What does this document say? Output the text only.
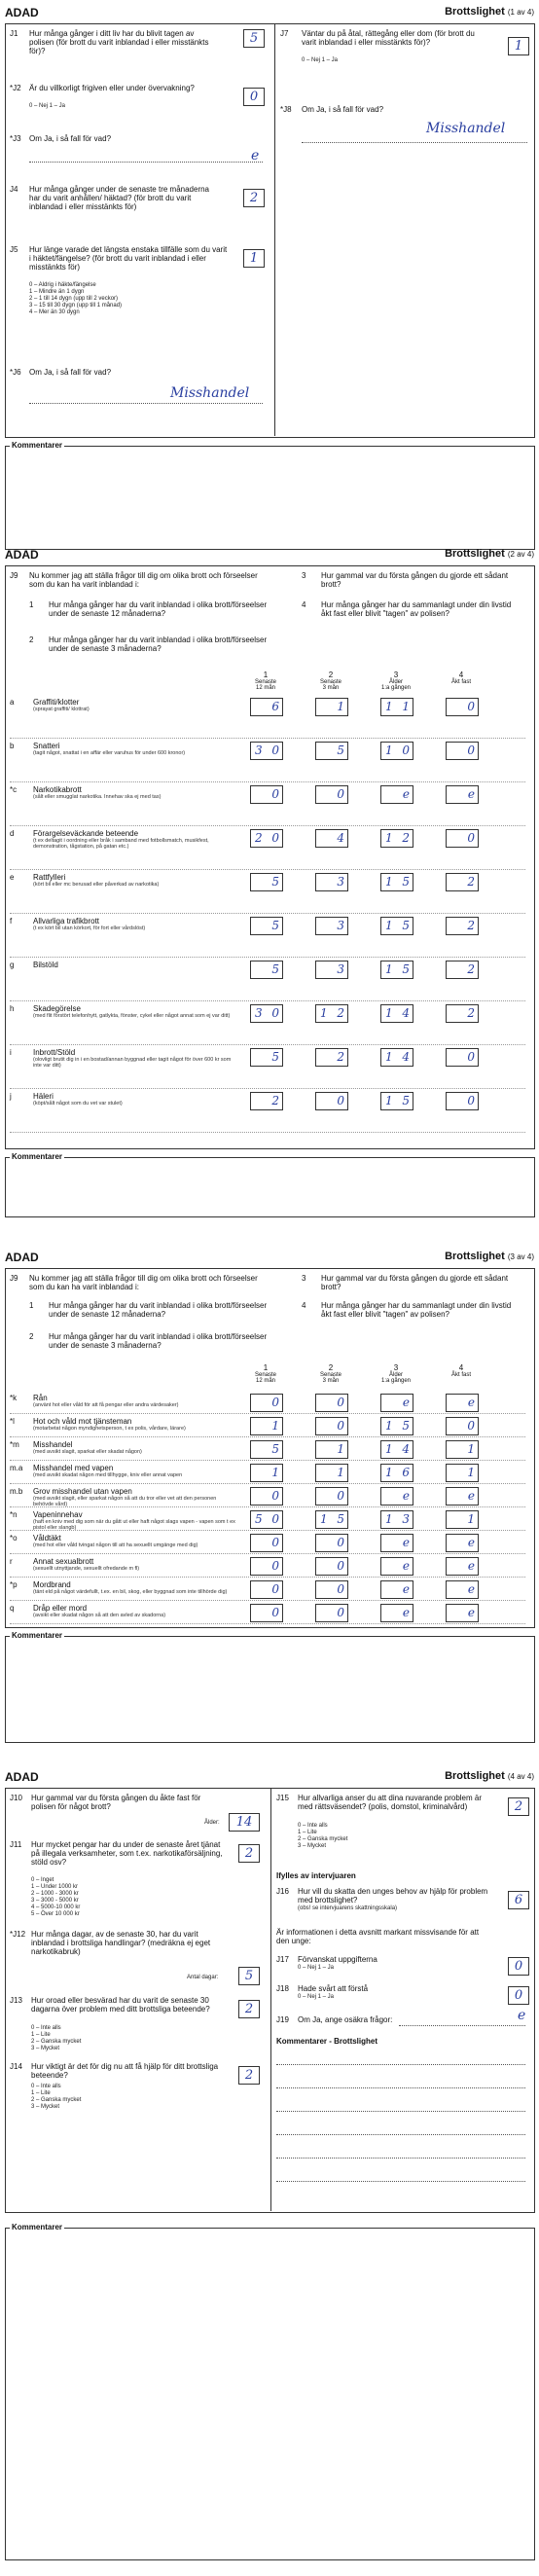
ADAD	Brottslighet (1 av 4)
J1 Hur många gånger i ditt liv har du blivit tagen av polisen (för brott du varit inblandad i eller misstänkts för)?
5
*J2 Är du villkorligt frigiven eller under övervakning?
0 – Nej 1 – Ja
0
*J3 Om Ja, i så fall för vad?
e
J4 Hur många gånger under de senaste tre månaderna har du varit anhållen/ häktad? (för brott du varit inblandad i eller misstänkts för)
2
J5 Hur länge varade det längsta enstaka tillfälle som du varit i häktet/fängelse? (för brott du varit inblandad i eller misstänkts för)
1
0 – Aldrig i häkte/fängelse
1 – Mindre än 1 dygn
2 – 1 till 14 dygn (upp till 2 veckor)
3 – 15 till 30 dygn (upp till 1 månad)
4 – Mer än 30 dygn
*J6 Om Ja, i så fall för vad?
Misshandel
J7 Väntar du på åtal, rättegång eller dom (för brott du varit inblandad i eller misstänkts för)?
0 – Nej 1 – Ja
1
*J8 Om Ja, i så fall för vad?
Misshandel
Kommentarer
ADAD	Brottslighet (2 av 4)
J9 Nu kommer jag att ställa frågor till dig om olika brott och förseelser som du kan ha varit inblandad i:
1 Hur många gånger har du varit inblandad i olika brott/förseelser under de senaste 12 månaderna?
2 Hur många gånger har du varit inblandad i olika brott/förseelser under de senaste 3 månaderna?
3 Hur gammal var du första gången du gjorde ett sådant brott?
4 Hur många gånger har du sammanlagt under din livstid åkt fast eller blivit "tagen" av polisen?
1
Senaste
12 mån
2
Senaste
3 mån
3
Ålder
1:a gången
4
Åkt fast

a Graffiti/klotter
(sprayat graffiti/ klottrat)	6	1	1 1	0
b Snatteri
(tagit något, snattat i en affär eller varuhus för under 600 kronor)	3 0	5	1 0	0
*c Narkotikabrott
(sålt eller smugglat narkotika. Innehav ska ej med tas)	0	0	e	e
d Förargelseväckande beteende
(t ex deltagit i oordning eller bråk i samband med fotbollsmatch, musikfest, demonstration, tågstation, på gatan etc.)
2 0	4	1 2	0
e Rattfylleri
(kört bil eller mc berusad eller påverkad av narkotika)	5	3	1 5	2
f	Allvarliga trafikbrott
(t ex kört bil utan körkort, för fort eller vårdslöst)	5	3	1 5	2
g Bilstöld	5	3	1 5	2
h Skadegörelse
(med flit förstört telefonhytt, gatlykta, fönster, cykel eller något annat som ej var ditt)	3 0	1 2	1 4	2
i	Inbrott/Stöld
(olovligt brutit dig in i en bostad/annan byggnad eller tagit något för över 600 kr som inte var ditt)
5	2	1 4	0
j	Häleri
(köpt/sålt något som du vet var stulet)	2	0	1 5	0
Kommentarer
ADAD	Brottslighet (3 av 4)
J9 Nu kommer jag att ställa frågor till dig om olika brott och förseelser som du kan ha varit inblandad i:
1 Hur många gånger har du varit inblandad i olika brott/förseelser under de senaste 12 månaderna?
2 Hur många gånger har du varit inblandad i olika brott/förseelser under de senaste 3 månaderna?
3 Hur gammal var du första gången du gjorde ett sådant brott?
4 Hur många gånger har du sammanlagt under din livstid åkt fast eller blivit "tagen" av polisen?
1
Senaste
12 mån
2
Senaste
3 mån
3
Ålder
1:a gången
4
Åkt fast

*k Rån
(använt hot eller våld för att få pengar eller andra värdesaker)	0	0	e	e
*l Hot och våld mot tjänsteman
(motarbetat någon myndighetsperson, t ex polis, vårdare, lärare)	1	0	1 5	0
*m Misshandel
(med avsikt slagit, sparkat eller skadat någon)	5	1	1 4	1
m.a Misshandel med vapen
(med avsikt skadat någon med tillhygge, kniv eller annat vapen	1	1	1 6	1
m.b Grov misshandel utan vapen
(med avsikt slagit, eller sparkat någon så att du tror eller vet att den personen behövde vård)
0	0	e	e
*n Vapeninnehav
(haft en kniv med dig som när du gått ut eller haft något slags vapen - vapen som t ex pistol eller slangb)
5 0	1 5	1 3	1
*o Våldtäkt
(med hot eller våld tvingat någon till att ha sexuellt umgänge med dig)	0	0	e	e
r	Annat sexualbrott
(sexuellt utnyttjande, sexuellt ofredande m fl)	0	0	e	e
*p Mordbrand
(tänt eld på något värdefullt, t.ex. en bil, skog, eller byggnad som inte tillhörde dig)	0	0	e	e
q Dråp eller mord
(avsikt eller skadat någon så att den avled av skadorna)	0	0	e	e
Kommentarer
ADAD	Brottslighet (4 av 4)
J10 Hur gammal var du första gången du åkte fast för polisen för något brott?
Ålder:	14
J11 Hur mycket pengar har du under de senaste året tjänat på illegala verksamheter, som t.ex. narkotikaförsäljning, stöld osv?
2
0 – Inget
1 – Under 1000 kr
2 – 1000 - 3000 kr
3 – 3000 - 5000 kr
4 – 5000-10 000 kr
5 – Över 10 000 kr
*J12 Hur många dagar, av de senaste 30, har du varit inblandad i brottsliga handlingar? (medräkna ej eget narkotikabruk)
Antal dagar:	5
J13 Hur oroad eller besvärad har du varit de senaste 30 dagarna över problem med ditt brottsliga beteende?	2
0 – Inte alls
1 – Lite
2 – Ganska mycket
3 – Mycket
J14 Hur viktigt är det för dig nu att få hjälp för ditt brottsliga beteende?	2
0 – Inte alls
1 – Lite
2 – Ganska mycket
3 – Mycket
J15 Hur allvarliga anser du att dina nuvarande problem är med rättsväsendet? (polis, domstol, kriminalvård)	2
0 – Inte alls
1 – Lite
2 – Ganska mycket
3 – Mycket
Ifylles av intervjuaren
J16 Hur vill du skatta den unges behov av hjälp för problem med brottslighet?
(obs! se intervjuarens skattningsskala)
6
Är informationen i detta avsnitt markant missvisande för att den unge:
J17 Förvanskat uppgifterna
0 – Nej 1 – Ja	0
J18 Hade svårt att förstå
0 – Nej 1 – Ja	0
J19 Om Ja, ange osäkra frågor:	e
Kommentarer - Brottslighet
Kommentarer
